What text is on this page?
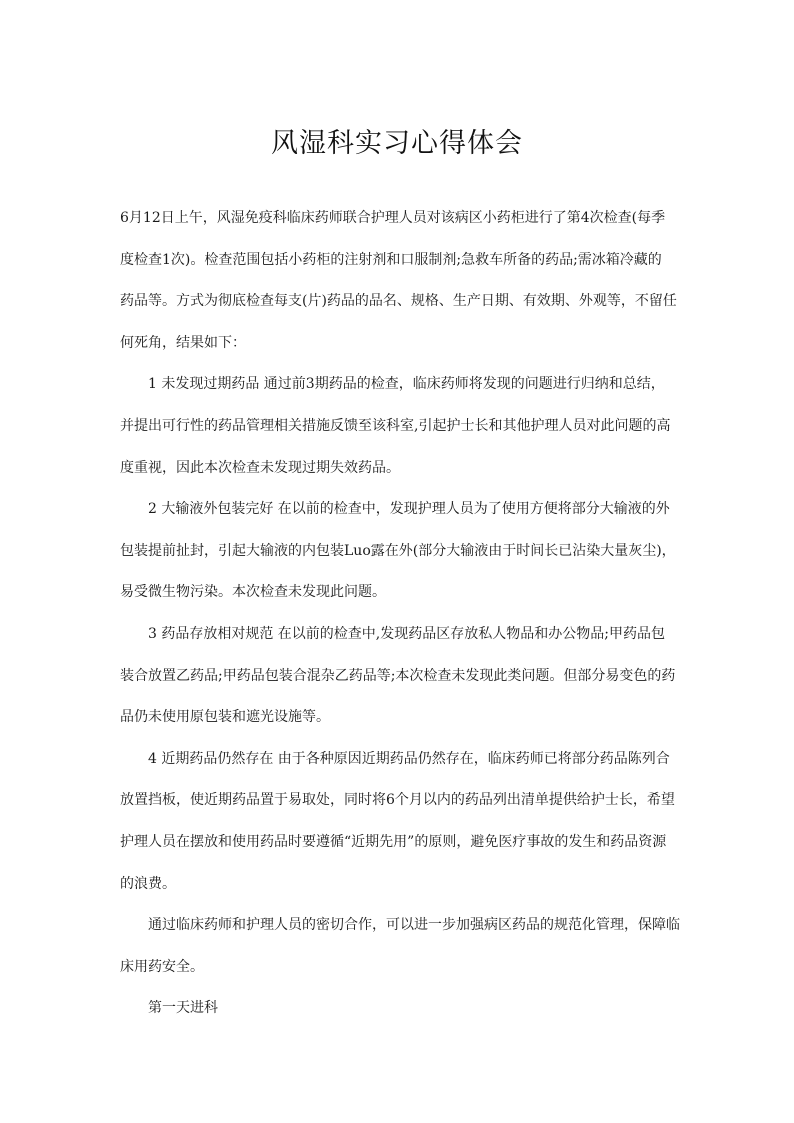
风湿科实习心得体会
6月12日上午，风湿免疫科临床药师联合护理人员对该病区小药柜进行了第4次检查(每季
度检查1次)。检查范围包括小药柜的注射剂和口服制剂;急救车所备的药品;需冰箱冷藏的
药品等。方式为彻底检查每支(片)药品的品名、规格、生产日期、有效期、外观等，不留任
何死角，结果如下：
1 未发现过期药品 通过前3期药品的检查，临床药师将发现的问题进行归纳和总结，
并提出可行性的药品管理相关措施反馈至该科室,引起护士长和其他护理人员对此问题的高
度重视，因此本次检查未发现过期失效药品。
2 大输液外包装完好 在以前的检查中，发现护理人员为了使用方便将部分大输液的外
包装提前扯封，引起大输液的内包装Luo露在外(部分大输液由于时间长已沾染大量灰尘)，
易受微生物污染。本次检查未发现此问题。
3 药品存放相对规范 在以前的检查中,发现药品区存放私人物品和办公物品;甲药品包
装合放置乙药品;甲药品包装合混杂乙药品等;本次检查未发现此类问题。但部分易变色的药
品仍未使用原包装和遮光设施等。
4 近期药品仍然存在 由于各种原因近期药品仍然存在，临床药师已将部分药品陈列合
放置挡板，使近期药品置于易取处，同时将6个月以内的药品列出清单提供给护士长，希望
护理人员在摆放和使用药品时要遵循“近期先用”的原则，避免医疗事故的发生和药品资源
的浪费。
通过临床药师和护理人员的密切合作，可以进一步加强病区药品的规范化管理，保障临
床用药安全。
第一天进科
